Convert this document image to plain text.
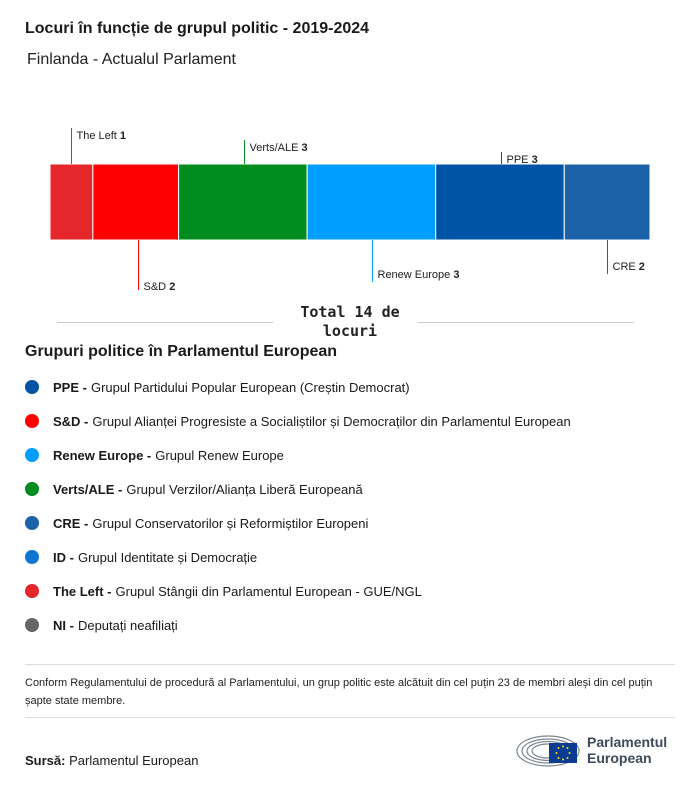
Locuri în funcție de grupul politic - 2019-2024
Finlanda - Actualul Parlament
The Left 1
S&D 2
Verts/ALE 3
Renew Europe 3
PPE 3
CRE 2
Total 14 de locuri
Grupuri politice în Parlamentul European
PPE - Grupul Partidului Popular European (Creștin Democrat)
S&D - Grupul Alianței Progresiste a Socialiștilor și Democraților din Parlamentul European
Renew Europe - Grupul Renew Europe
Verts/ALE - Grupul Verzilor/Alianța Liberă Europeană
CRE - Grupul Conservatorilor și Reformiștilor Europeni
ID - Grupul Identitate și Democrație
The Left - Grupul Stângii din Parlamentul European - GUE/NGL
NI - Deputați neafiliați
Conform Regulamentului de procedură al Parlamentului, un grup politic este alcătuit din cel puțin 23 de membri aleși din cel puțin șapte state membre.
Sursă: Parlamentul European
Parlamentul
European
